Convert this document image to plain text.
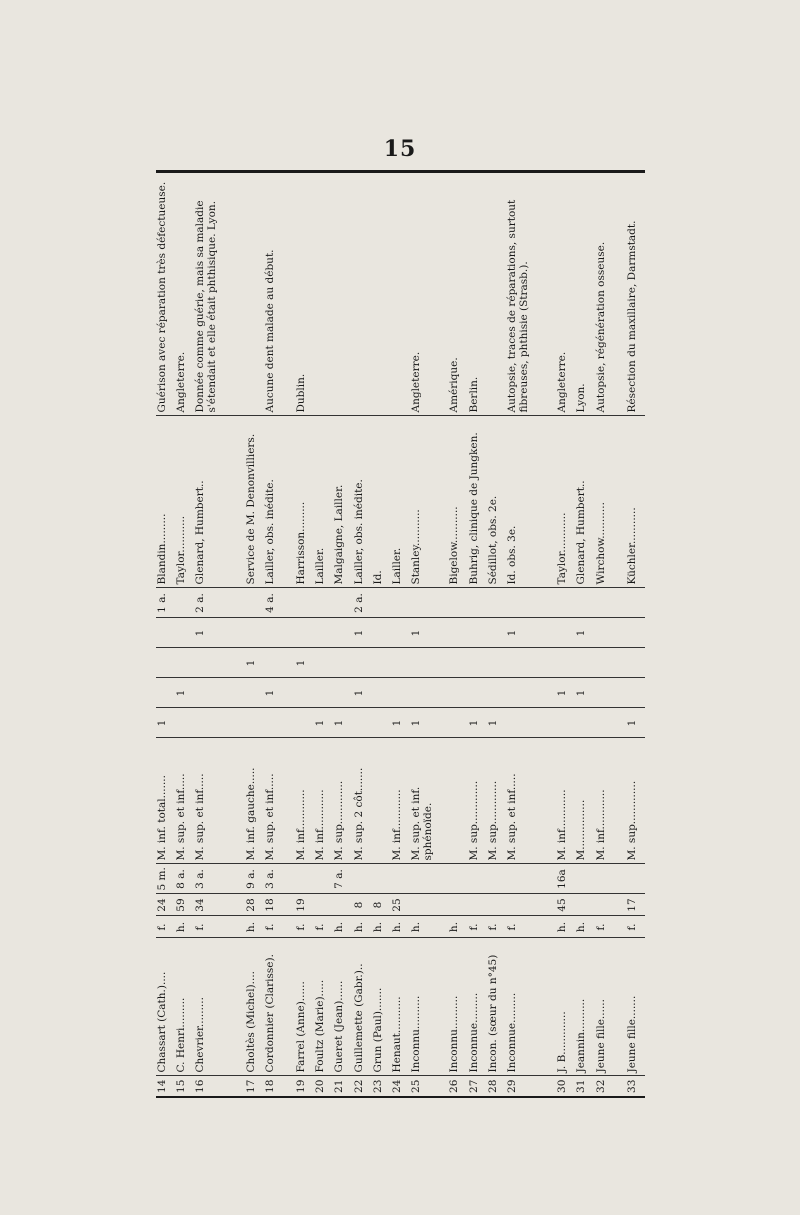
15
14	Chassart (Cath.)....	f.	24	5 m.	M. inf. total.......	1				1 a.	Blandin.........	Guérison avec réparation très défectueuse.
15	C. Henri.........	h.	59	8 a.	M. sup. et inf.....		1				Taylor...........	Angleterre.
16	Chevrier.........	f.	34	3 a.	M. sup. et inf.....				1	2 a.	Glenard, Humbert..	Donnée comme guérie, mais sa maladie s'étendait et elle était phthisique. Lyon.

17	Choltès (Michel)....	h.	28	9 a.	M. inf. gauche.....			1			Service de M. Denonvilliers.	
18	Cordonnier (Clarisse).	f.	18	3 a.	M. sup. et inf.....		1			4 a.	Lailler, obs. inédite.	Aucune dent malade au début.

19	Farrel (Anne)......	f.	19		M. inf............			1			Harrisson.........	Dublin.
20	Foultz (Marie).....	f.			M. inf............	1					Lailler.	
21	Gueret (Jean)......	h.		7 a.	M. sup.............	1					Malgaigne, Lailler.	
22	Guillemette (Gabr.)..	h.	8		M. sup. 2 côt.......		1		1	2 a.	Lailler, obs. inédite.	
23	Grun (Paul).......	h.	8								Id.	
24	Henaut...........	h.	25		M. inf............	1					Lailler.	
25	Inconnu..........	h.			M. sup. et inf. sphénoïde.	1			1		Stanley...........	Angleterre.
26	Inconnu..........	h.									Bigelow...........	Amérique.
27	Inconnue.........	f.			M. sup.............	1					Buhrig, clinique de Jungken.	Berlin.
28	Incon. (sœur du n°45)	f.			M. sup.............	1					Sédillot, obs. 2e.	
29	Inconnue.........	f.			M. sup. et inf.....				1		Id. obs. 3e.	Autopsie, traces de réparations, surtout fibreuses, phthisie (Strasb.).

30	J. B.............	h.	45	16a	M. inf............		1				Taylor............	Angleterre.
31	Jeannin..........	h.			M...............		1		1		Glenard, Humbert..	Lyon.
32	Jeune fille......	f.			M. inf............						Wirchow...........	Autopsie, régénération osseuse.

33	Jeune fille.......	f.	17		M. sup.............	1					Küchler...........	Résection du maxillaire, Darmstadt.
